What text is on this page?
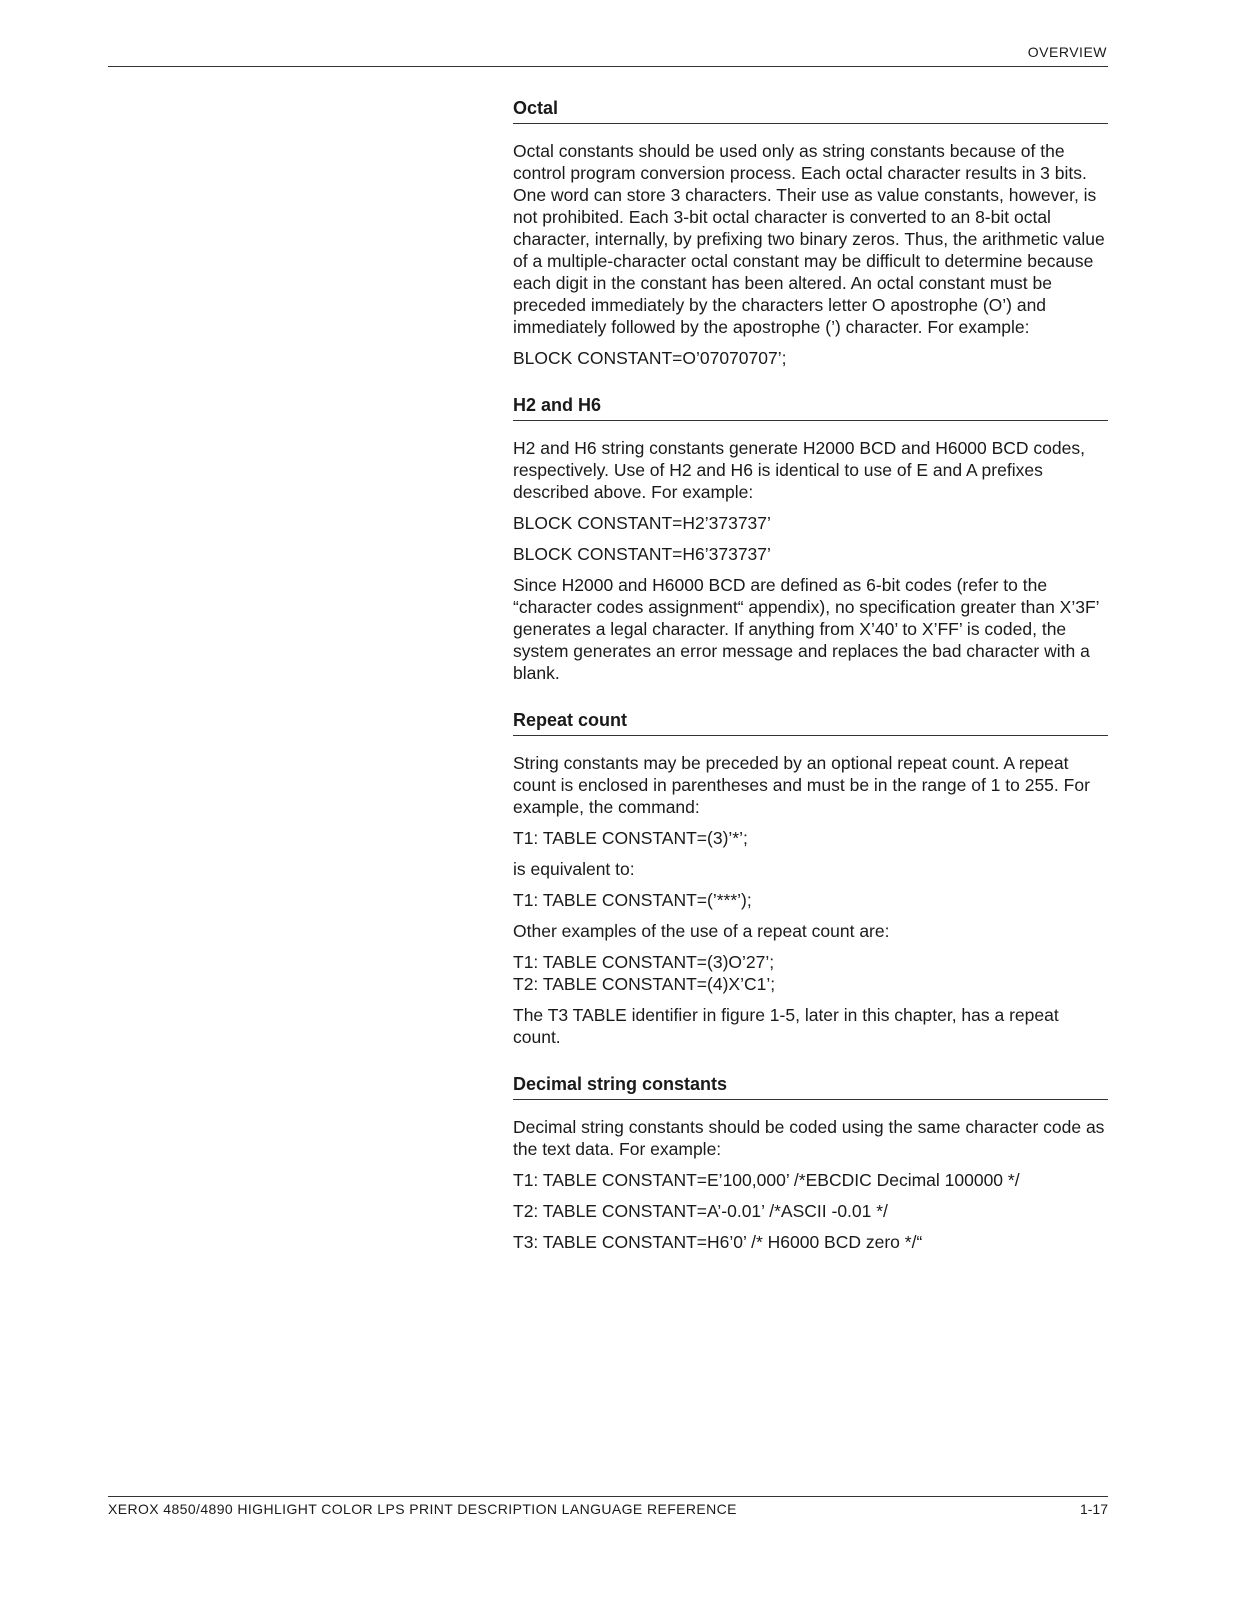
OVERVIEW
Octal

Octal constants should be used only as string constants because of the control program conversion process. Each octal character results in 3 bits. One word can store 3 characters. Their use as value constants, however, is not prohibited. Each 3-bit octal character is converted to an 8-bit octal character, internally, by prefixing two binary zeros. Thus, the arithmetic value of a multiple-character octal constant may be difficult to determine because each digit in the constant has been altered. An octal constant must be preceded immediately by the characters letter O apostrophe (O’) and immediately followed by the apostrophe (’) character. For example:

BLOCK CONSTANT=O’07070707’;

H2 and H6

H2 and H6 string constants generate H2000 BCD and H6000 BCD codes, respectively. Use of H2 and H6 is identical to use of E and A prefixes described above. For example:

BLOCK CONSTANT=H2’373737’

BLOCK CONSTANT=H6’373737’

Since H2000 and H6000 BCD are defined as 6-bit codes (refer to the “character codes assignment“ appendix), no specification greater than X’3F’ generates a legal character. If anything from X’40’ to X’FF’ is coded, the system generates an error message and replaces the bad character with a blank.

Repeat count

String constants may be preceded by an optional repeat count. A repeat count is enclosed in parentheses and must be in the range of 1 to 255. For example, the command:

T1: TABLE CONSTANT=(3)’*’;

is equivalent to:

T1: TABLE CONSTANT=(’***’);

Other examples of the use of a repeat count are:

T1: TABLE CONSTANT=(3)O’27’;
T2: TABLE CONSTANT=(4)X’C1’;

The T3 TABLE identifier in figure 1-5, later in this chapter, has a repeat count.

Decimal string constants

Decimal string constants should be coded using the same character code as the text data. For example:

T1: TABLE CONSTANT=E’100,000’ /*EBCDIC Decimal 100000 */

T2: TABLE CONSTANT=A’-0.01’ /*ASCII -0.01 */

T3: TABLE CONSTANT=H6’0’ /* H6000 BCD zero */“

XEROX 4850/4890 HIGHLIGHT COLOR LPS PRINT DESCRIPTION LANGUAGE REFERENCE	1-17
